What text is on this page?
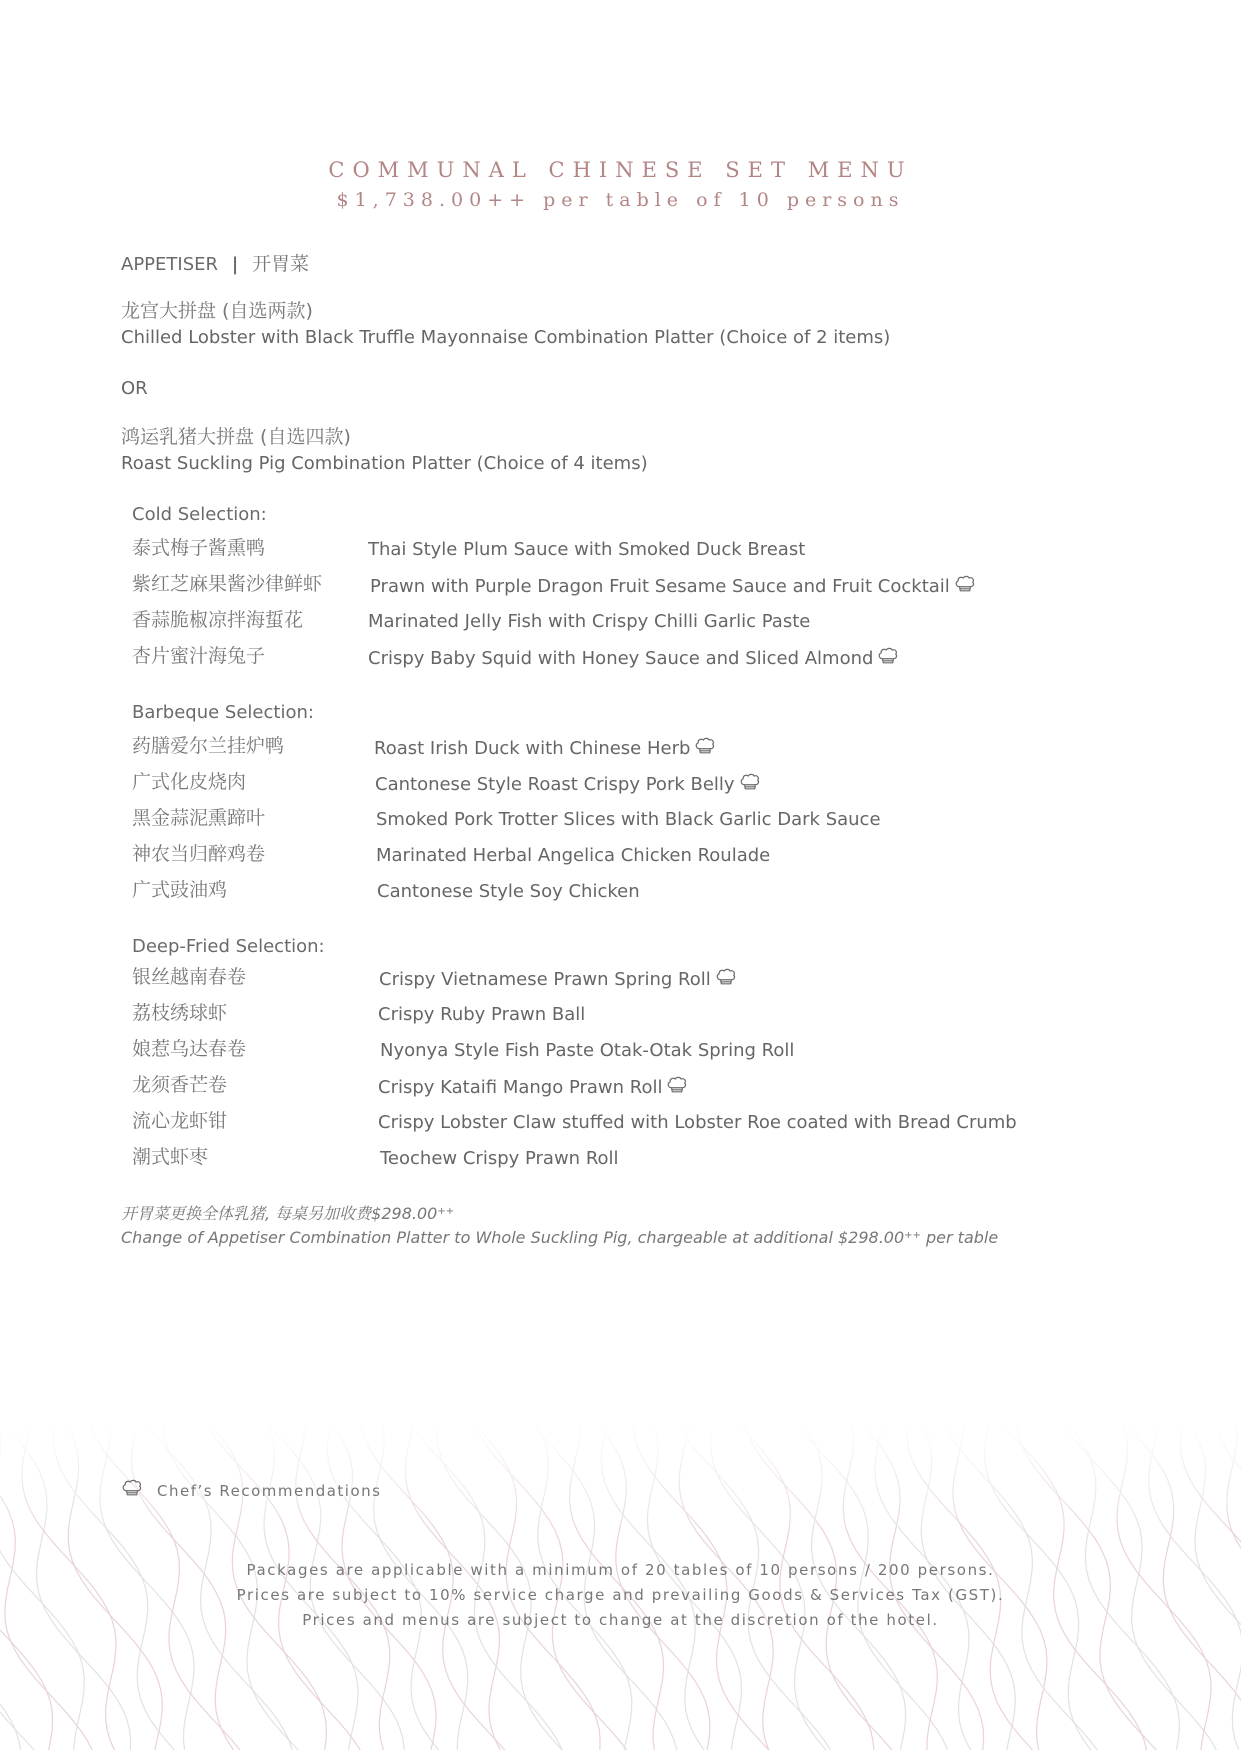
COMMUNAL CHINESE SET MENU
$1,738.00++ per table of 10 persons
APPETISER | 开胃菜
龙宫大拼盘 (自选两款)
Chilled Lobster with Black Truffle Mayonnaise Combination Platter (Choice of 2 items)
OR
鸿运乳猪大拼盘 (自选四款)
Roast Suckling Pig Combination Platter (Choice of 4 items)
Cold Selection:
泰式梅子酱熏鸭	Thai Style Plum Sauce with Smoked Duck Breast
紫红芝麻果酱沙律鲜虾	Prawn with Purple Dragon Fruit Sesame Sauce and Fruit Cocktail
香蒜脆椒凉拌海蜇花	Marinated Jelly Fish with Crispy Chilli Garlic Paste
杏片蜜汁海兔子	Crispy Baby Squid with Honey Sauce and Sliced Almond
Barbeque Selection:
药膳爱尔兰挂炉鸭	Roast Irish Duck with Chinese Herb
广式化皮烧肉	Cantonese Style Roast Crispy Pork Belly
黑金蒜泥熏蹄叶	Smoked Pork Trotter Slices with Black Garlic Dark Sauce
神农当归醉鸡卷	Marinated Herbal Angelica Chicken Roulade
广式豉油鸡	Cantonese Style Soy Chicken
Deep-Fried Selection:
银丝越南春卷	Crispy Vietnamese Prawn Spring Roll
荔枝绣球虾	Crispy Ruby Prawn Ball
娘惹乌达春卷	Nyonya Style Fish Paste Otak-Otak Spring Roll
龙须香芒卷	Crispy Kataifi Mango Prawn Roll
流心龙虾钳	Crispy Lobster Claw stuffed with Lobster Roe coated with Bread Crumb
潮式虾枣	Teochew Crispy Prawn Roll
开胃菜更换全体乳猪, 每桌另加收费$298.00++
Change of Appetiser Combination Platter to Whole Suckling Pig, chargeable at additional $298.00++ per table
Chef’s Recommendations
Packages are applicable with a minimum of 20 tables of 10 persons / 200 persons.
Prices are subject to 10% service charge and prevailing Goods & Services Tax (GST).
Prices and menus are subject to change at the discretion of the hotel.
